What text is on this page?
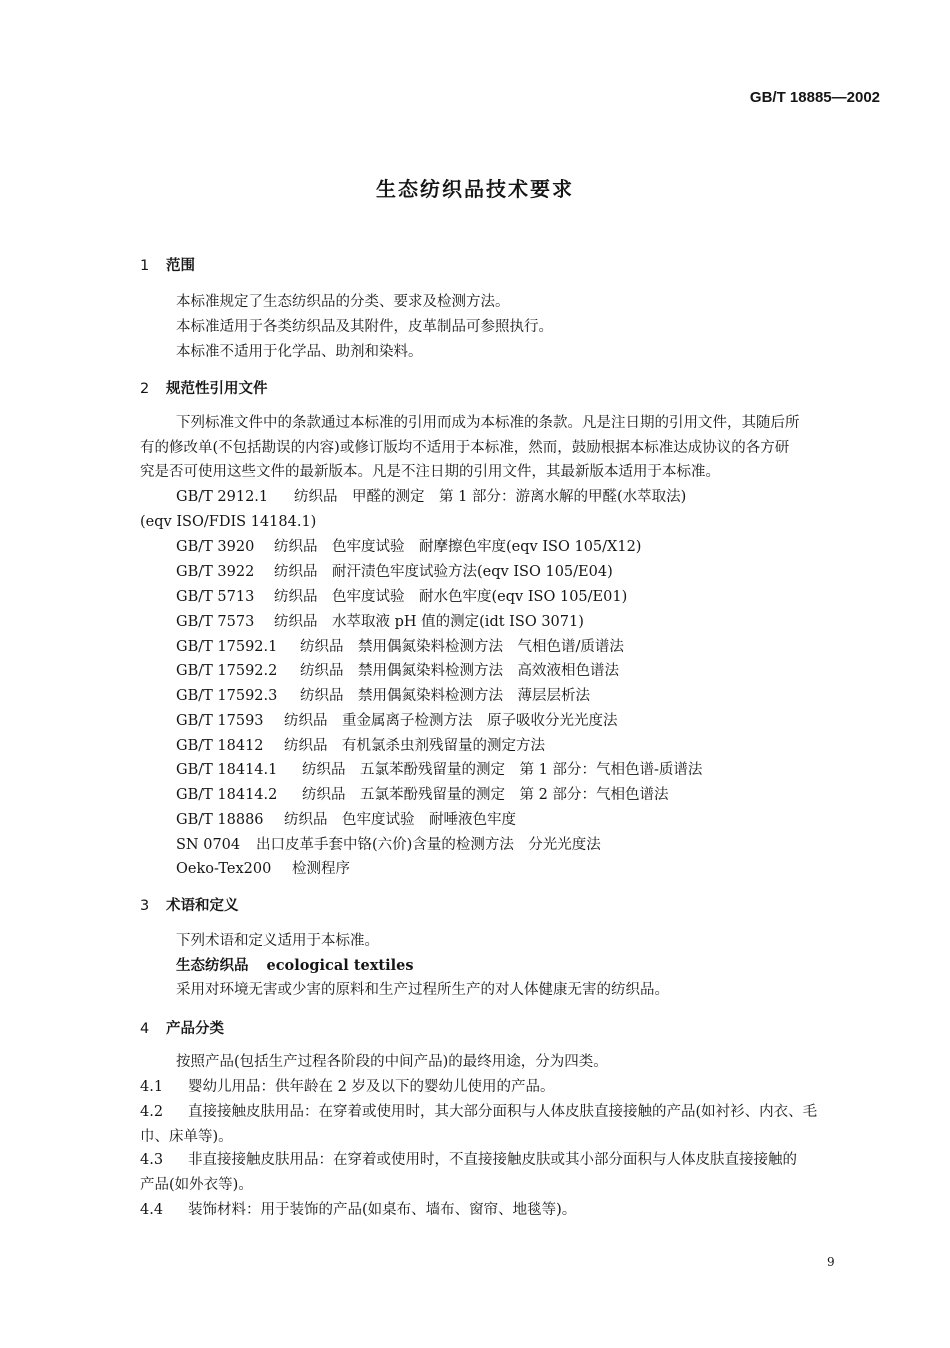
GB/T 18885—2002
生态纺织品技术要求
1 范围
本标准规定了生态纺织品的分类、要求及检测方法。
本标准适用于各类纺织品及其附件，皮革制品可参照执行。
本标准不适用于化学品、助剂和染料。
2 规范性引用文件
下列标准文件中的条款通过本标准的引用而成为本标准的条款。凡是注日期的引用文件，其随后所
有的修改单(不包括勘误的内容)或修订版均不适用于本标准，然而，鼓励根据本标准达成协议的各方研
究是否可使用这些文件的最新版本。凡是不注日期的引用文件，其最新版本适用于本标准。
GB/T 2912.1 纺织品　甲醛的测定　第 1 部分：游离水解的甲醛(水萃取法)
(eqv ISO/FDIS 14184.1)
GB/T 3920 纺织品　色牢度试验　耐摩擦色牢度(eqv ISO 105/X12)
GB/T 3922 纺织品　耐汗渍色牢度试验方法(eqv ISO 105/E04)
GB/T 5713 纺织品　色牢度试验　耐水色牢度(eqv ISO 105/E01)
GB/T 7573 纺织品　水萃取液 pH 值的测定(idt ISO 3071)
GB/T 17592.1 纺织品　禁用偶氮染料检测方法　气相色谱/质谱法
GB/T 17592.2 纺织品　禁用偶氮染料检测方法　高效液相色谱法
GB/T 17592.3 纺织品　禁用偶氮染料检测方法　薄层层析法
GB/T 17593 纺织品　重金属离子检测方法　原子吸收分光光度法
GB/T 18412 纺织品　有机氯杀虫剂残留量的测定方法
GB/T 18414.1 纺织品　五氯苯酚残留量的测定　第 1 部分：气相色谱-质谱法
GB/T 18414.2 纺织品　五氯苯酚残留量的测定　第 2 部分：气相色谱法
GB/T 18886 纺织品　色牢度试验　耐唾液色牢度
SN 0704 出口皮革手套中铬(六价)含量的检测方法　分光光度法
Oeko-Tex200 检测程序
3 术语和定义
下列术语和定义适用于本标准。
生态纺织品 ecological textiles
采用对环境无害或少害的原料和生产过程所生产的对人体健康无害的纺织品。
4 产品分类
按照产品(包括生产过程各阶段的中间产品)的最终用途，分为四类。
4.1 婴幼儿用品：供年龄在 2 岁及以下的婴幼儿使用的产品。
4.2 直接接触皮肤用品：在穿着或使用时，其大部分面积与人体皮肤直接接触的产品(如衬衫、内衣、毛
巾、床单等)。
4.3 非直接接触皮肤用品：在穿着或使用时，不直接接触皮肤或其小部分面积与人体皮肤直接接触的
产品(如外衣等)。
4.4 装饰材料：用于装饰的产品(如桌布、墙布、窗帘、地毯等)。
9
